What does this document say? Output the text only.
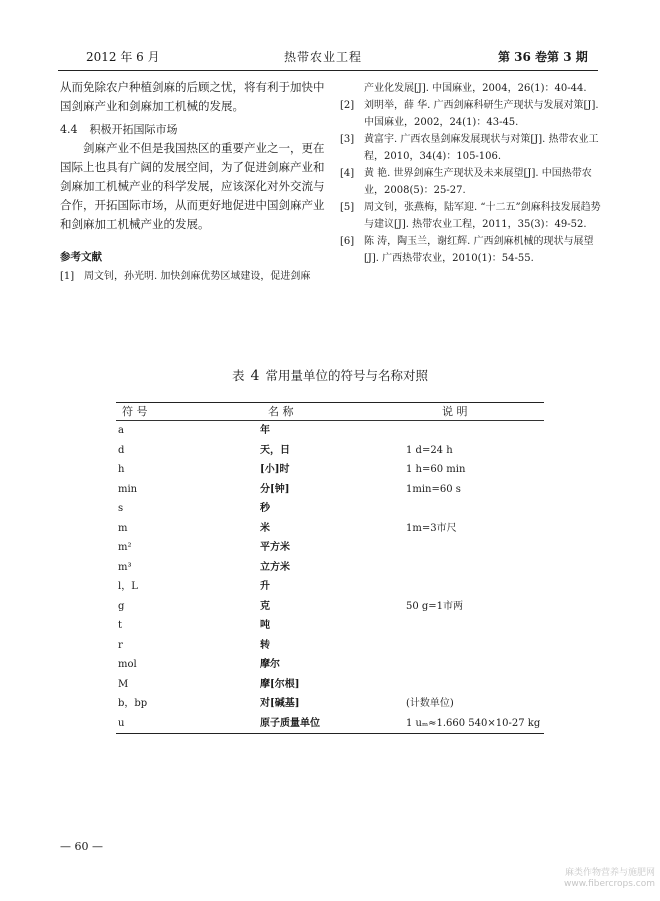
2012 年 6 月	热带农业工程	第 36 卷第 3 期

从而免除农户种植剑麻的后顾之忧，将有利于加快中国剑麻产业和剑麻加工机械的发展。

4.4 积极开拓国际市场

剑麻产业不但是我国热区的重要产业之一，更在国际上也具有广阔的发展空间，为了促进剑麻产业和剑麻加工机械产业的科学发展，应该深化对外交流与合作，开拓国际市场，从而更好地促进中国剑麻产业和剑麻加工机械产业的发展。

参考文献

[1] 周文钊，孙光明. 加快剑麻优势区域建设，促进剑麻
产业化发展[J]. 中国麻业，2004，26(1)：40-44.
[2] 刘明举，薛 华. 广西剑麻科研生产现状与发展对策[J]. 中国麻业，2002，24(1)：43-45.
[3] 黄富宇. 广西农垦剑麻发展现状与对策[J]. 热带农业工程，2010，34(4)：105-106.
[4] 黄 艳. 世界剑麻生产现状及未来展望[J]. 中国热带农业，2008(5)：25-27.
[5] 周文钊，张燕梅，陆军迎. “十二五”剑麻科技发展趋势与建议[J]. 热带农业工程，2011，35(3)：49-52.
[6] 陈 涛，陶玉兰，谢红辉. 广西剑麻机械的现状与展望[J]. 广西热带农业，2010(1)：54-55.
表 4 常用量单位的符号与名称对照
符 号	名 称	说 明
a	年
d	天，日	1 d=24 h
h	[小]时	1 h=60 min
min	分[钟]	1min=60 s
s	秒
m	米	1m=3市尺
m²	平方米
m³	立方米
l，L	升
g	克	50 g=1市两
t	吨
r	转
mol	摩尔
M	摩[尔根]
b，bp	对[碱基]	(计数单位)
u	原子质量单位	1 uₘ≈1.660 540×10-27 kg
— 60 —
麻类作物营养与施肥网
www.fibercrops.com
